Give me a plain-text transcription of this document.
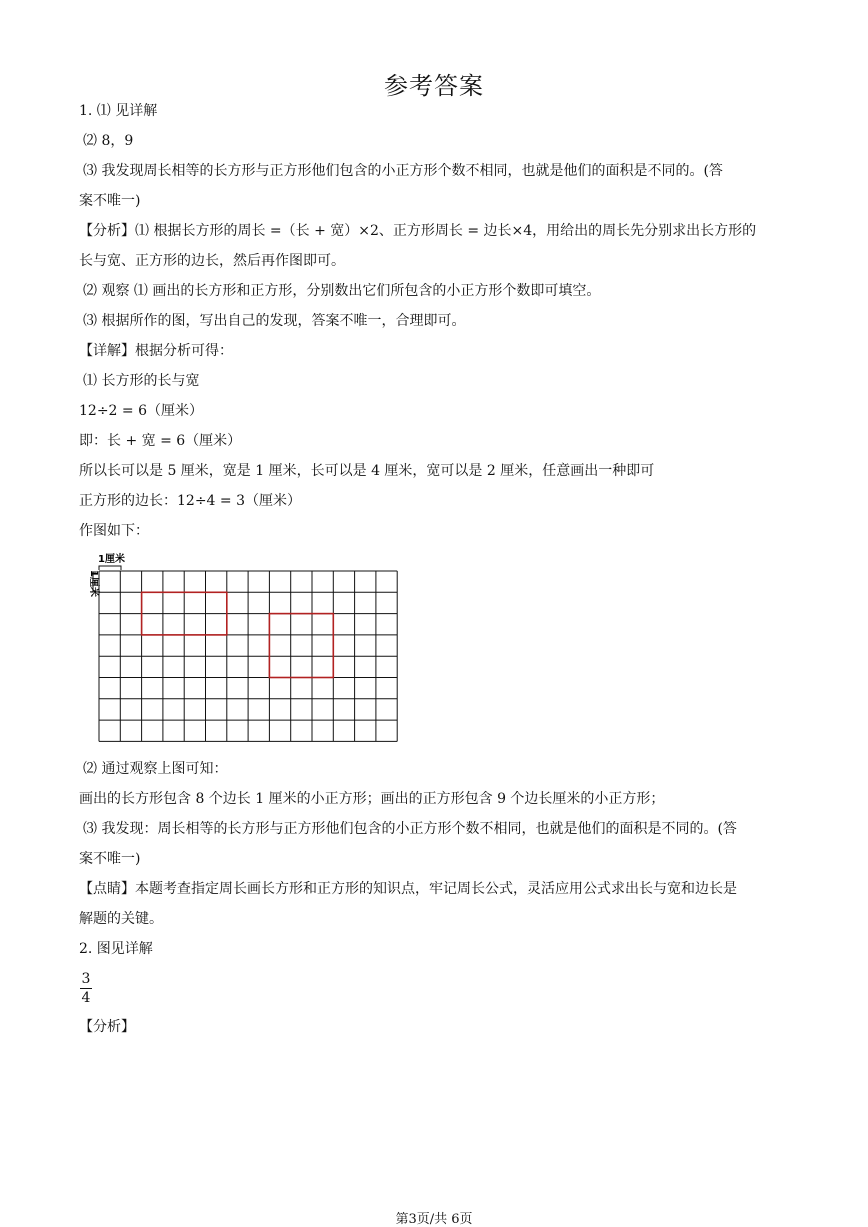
参考答案
1. ⑴ 见详解
⑵ 8，9
⑶ 我发现周长相等的长方形与正方形他们包含的小正方形个数不相同，也就是他们的面积是不同的。(答
案不唯一)
【分析】⑴ 根据长方形的周长 =（长 + 宽）×2、正方形周长 = 边长×4，用给出的周长先分别求出长方形的
长与宽、正方形的边长，然后再作图即可。
⑵ 观察 ⑴ 画出的长方形和正方形，分别数出它们所包含的小正方形个数即可填空。
⑶ 根据所作的图，写出自己的发现，答案不唯一，合理即可。
【详解】根据分析可得：
⑴ 长方形的长与宽
12÷2 = 6（厘米）
即：长 + 宽 = 6（厘米）
所以长可以是 5 厘米，宽是 1 厘米，长可以是 4 厘米，宽可以是 2 厘米，任意画出一种即可
正方形的边长：12÷4 = 3（厘米）
作图如下：
1厘米
1厘米
⑵ 通过观察上图可知：
画出的长方形包含 8 个边长 1 厘米的小正方形；画出的正方形包含 9 个边长厘米的小正方形；
⑶ 我发现：周长相等的长方形与正方形他们包含的小正方形个数不相同，也就是他们的面积是不同的。(答
案不唯一)
【点睛】本题考查指定周长画长方形和正方形的知识点，牢记周长公式，灵活应用公式求出长与宽和边长是
解题的关键。
2. 图见详解
3
4
【分析】
第3页/共 6页
